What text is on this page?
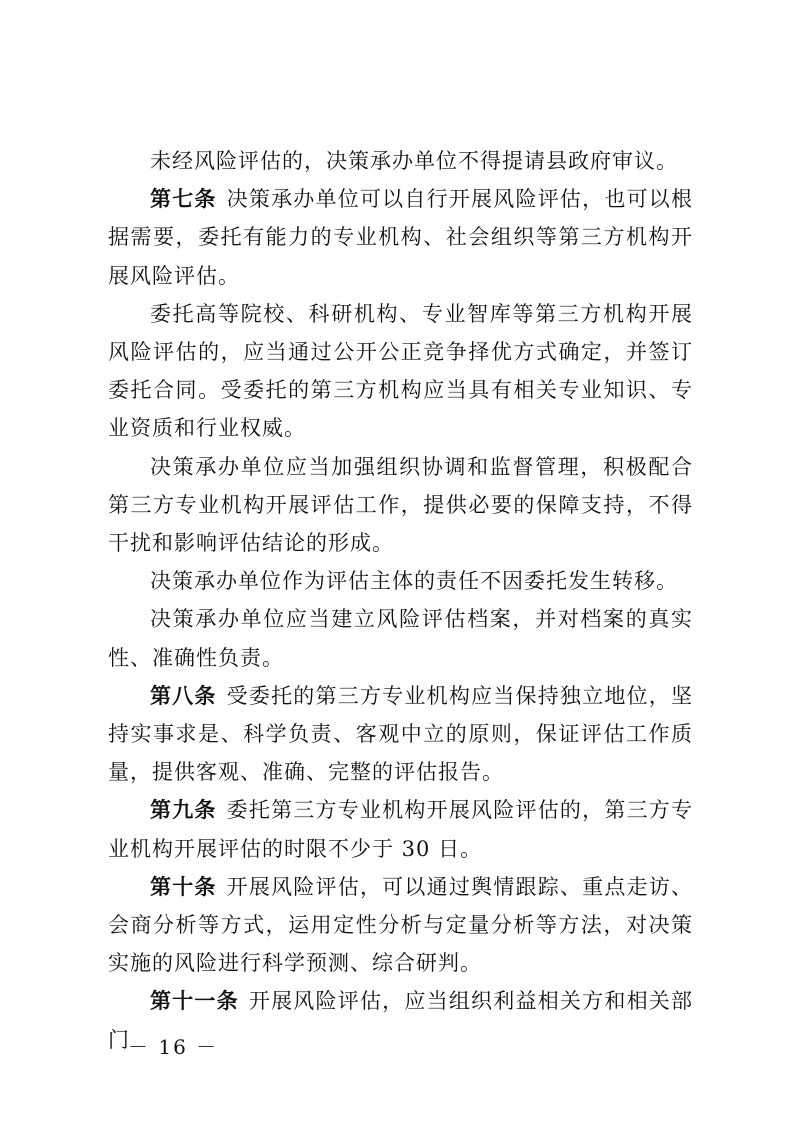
未经风险评估的，决策承办单位不得提请县政府审议。

第七条 决策承办单位可以自行开展风险评估，也可以根据需要，委托有能力的专业机构、社会组织等第三方机构开展风险评估。

委托高等院校、科研机构、专业智库等第三方机构开展风险评估的，应当通过公开公正竞争择优方式确定，并签订委托合同。受委托的第三方机构应当具有相关专业知识、专业资质和行业权威。

决策承办单位应当加强组织协调和监督管理，积极配合第三方专业机构开展评估工作，提供必要的保障支持，不得干扰和影响评估结论的形成。

决策承办单位作为评估主体的责任不因委托发生转移。

决策承办单位应当建立风险评估档案，并对档案的真实性、准确性负责。

第八条 受委托的第三方专业机构应当保持独立地位，坚持实事求是、科学负责、客观中立的原则，保证评估工作质量，提供客观、准确、完整的评估报告。

第九条 委托第三方专业机构开展风险评估的，第三方专业机构开展评估的时限不少于 30 日。

第十条 开展风险评估，可以通过舆情跟踪、重点走访、会商分析等方式，运用定性分析与定量分析等方法，对决策实施的风险进行科学预测、综合研判。

第十一条 开展风险评估，应当组织利益相关方和相关部门

－ 16 －
